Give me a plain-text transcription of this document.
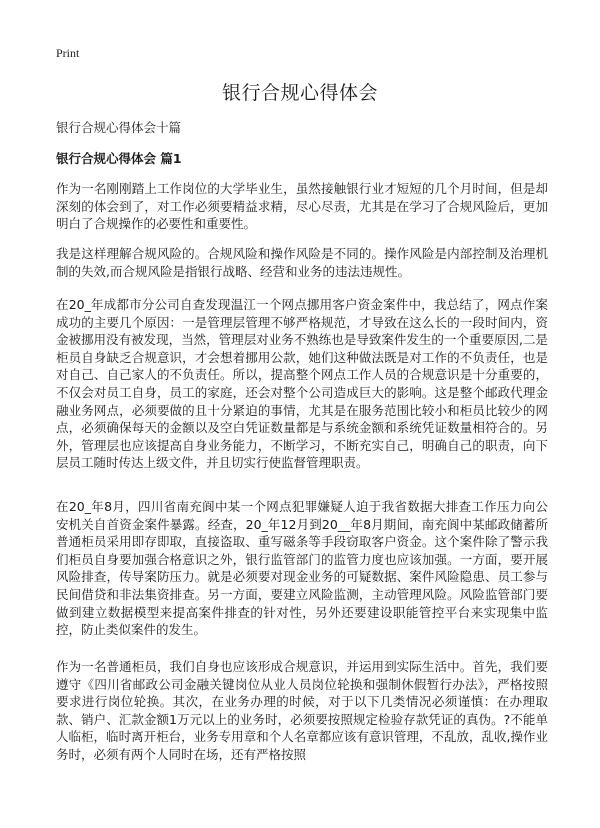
Print
银行合规心得体会

银行合规心得体会十篇

银行合规心得体会 篇1

作为一名刚刚踏上工作岗位的大学毕业生，虽然接触银行业才短短的几个月时间，但是却深刻的体会到了，对工作必须要精益求精，尽心尽责，尤其是在学习了合规风险后，更加明白了合规操作的必要性和重要性。

我是这样理解合规风险的。合规风险和操作风险是不同的。操作风险是内部控制及治理机制的失效,而合规风险是指银行战略、经营和业务的违法违规性。

在20_年成都市分公司自查发现温江一个网点挪用客户资金案件中，我总结了，网点作案成功的主要几个原因：一是管理层管理不够严格规范，才导致在这么长的一段时间内，资金被挪用没有被发现，当然，管理层对业务不熟练也是导致案件发生的一个重要原因,二是柜员自身缺乏合规意识，才会想着挪用公款，她们这种做法既是对工作的不负责任，也是对自己、自己家人的不负责任。所以，提高整个网点工作人员的合规意识是十分重要的，不仅会对员工自身，员工的家庭，还会对整个公司造成巨大的影响。这是整个邮政代理金融业务网点，必须要做的且十分紧迫的事情，尤其是在服务范围比较小和柜员比较少的网点，必须确保每天的金额以及空白凭证数量都是与系统金额和系统凭证数量相符合的。另外，管理层也应该提高自身业务能力，不断学习，不断充实自己，明确自己的职责，向下层员工随时传达上级文件，并且切实行使监督管理职责。

在20_年8月，四川省南充阆中某一个网点犯罪嫌疑人迫于我省数据大排查工作压力向公安机关自首资金案件暴露。经查，20_年12月到20__年8月期间，南充阆中某邮政储蓄所普通柜员采用即存即取，直接盗取、重写磁条等手段窃取客户资金。这个案件除了警示我们柜员自身要加强合格意识之外，银行监管部门的监管力度也应该加强。一方面，要开展风险排查，传导案防压力。就是必须要对现金业务的可疑数据、案件风险隐患、员工参与民间借贷和非法集资排查。另一方面，要建立风险监测，主动管理风险。风险监管部门要做到建立数据模型来提高案件排查的针对性，另外还要建设职能管控平台来实现集中监控，防止类似案件的发生。

作为一名普通柜员，我们自身也应该形成合规意识，并运用到实际生活中。首先，我们要遵守《四川省邮政公司金融关键岗位从业人员岗位轮换和强制休假暂行办法》，严格按照要求进行岗位轮换。其次，在业务办理的时候，对于以下几类情况必须谨慎：在办理取款、销户、汇款金额1万元以上的业务时，必须要按照规定检验存款凭证的真伪。?不能单人临柜，临时离开柜台，业务专用章和个人名章都应该有意识管理，不乱放，乱收,操作业务时，必须有两个人同时在场，还有严格按照
